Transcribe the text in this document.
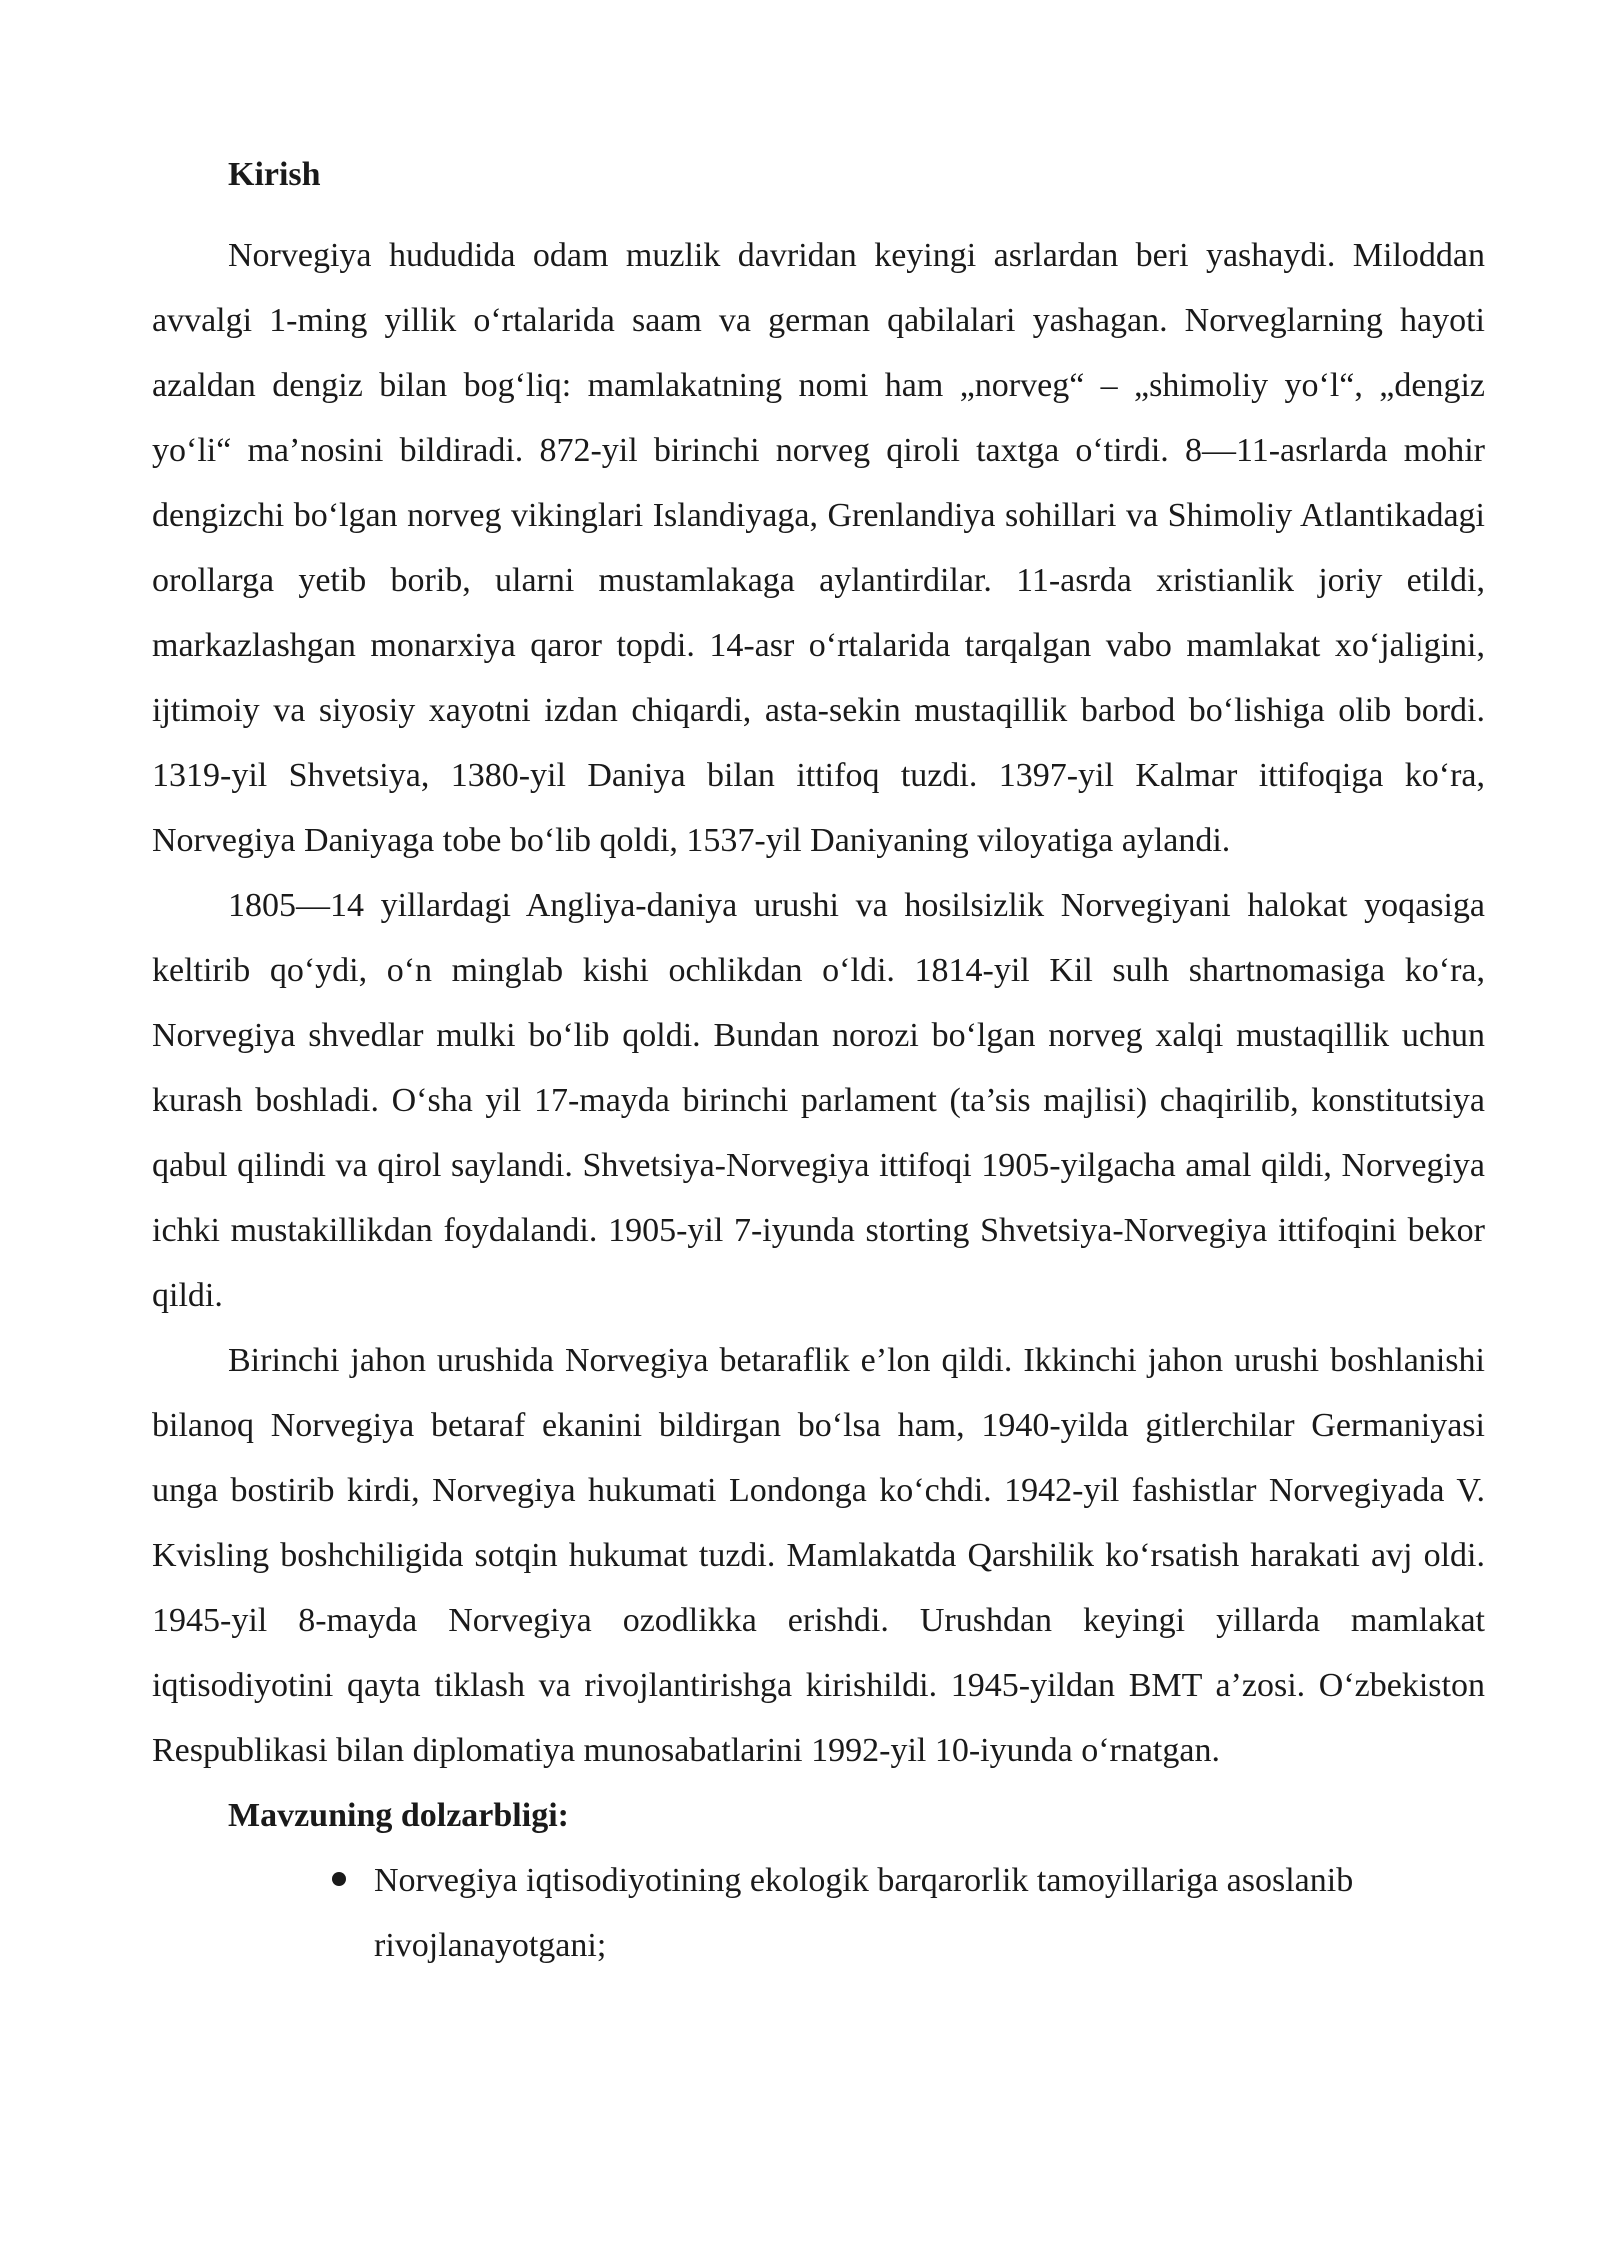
Kirish

Norvegiya hududida odam muzlik davridan keyingi asrlardan beri yashaydi. Miloddan avvalgi 1-ming yillik o‘rtalarida saam va german qabilalari yashagan. Norveglarning hayoti azaldan dengiz bilan bog‘liq: mamlakatning nomi ham „norveg“ – „shimoliy yo‘l“, „dengiz yo‘li“ ma’nosini bildiradi. 872-yil birinchi norveg qiroli taxtga o‘tirdi. 8—11-asrlarda mohir dengizchi bo‘lgan norveg vikinglari Islandiyaga, Grenlandiya sohillari va Shimoliy Atlantikadagi orollarga yetib borib, ularni mustamlakaga aylantirdilar. 11-asrda xristianlik joriy etildi, markazlashgan monarxiya qaror topdi. 14-asr o‘rtalarida tarqalgan vabo mamlakat xo‘jaligini, ijtimoiy va siyosiy xayotni izdan chiqardi, asta-sekin mustaqillik barbod bo‘lishiga olib bordi. 1319-yil Shvetsiya, 1380-yil Daniya bilan ittifoq tuzdi. 1397-yil Kalmar ittifoqiga ko‘ra, Norvegiya Daniyaga tobe bo‘lib qoldi, 1537-yil Daniyaning viloyatiga aylandi.

1805—14 yillardagi Angliya-daniya urushi va hosilsizlik Norvegiyani halokat yoqasiga keltirib qo‘ydi, o‘n minglab kishi ochlikdan o‘ldi. 1814-yil Kil sulh shartnomasiga ko‘ra, Norvegiya shvedlar mulki bo‘lib qoldi. Bundan norozi bo‘lgan norveg xalqi mustaqillik uchun kurash boshladi. O‘sha yil 17-mayda birinchi parlament (ta’sis majlisi) chaqirilib, konstitutsiya qabul qilindi va qirol saylandi. Shvetsiya-Norvegiya ittifoqi 1905-yilgacha amal qildi, Norvegiya ichki mustakillikdan foydalandi. 1905-yil 7-iyunda storting Shvetsiya-Norvegiya ittifoqini bekor qildi.

Birinchi jahon urushida Norvegiya betaraflik e’lon qildi. Ikkinchi jahon urushi boshlanishi bilanoq Norvegiya betaraf ekanini bildirgan bo‘lsa ham, 1940-yilda gitlerchilar Germaniyasi unga bostirib kirdi, Norvegiya hukumati Londonga ko‘chdi. 1942-yil fashistlar Norvegiyada V. Kvisling boshchiligida sotqin hukumat tuzdi. Mamlakatda Qarshilik ko‘rsatish harakati avj oldi. 1945-yil 8-mayda Norvegiya ozodlikka erishdi. Urushdan keyingi yillarda mamlakat iqtisodiyotini qayta tiklash va rivojlantirishga kirishildi. 1945-yildan BMT a’zosi. O‘zbekiston Respublikasi bilan diplomatiya munosabatlarini 1992-yil 10-iyunda o‘rnatgan.

Mavzuning dolzarbligi:
Norvegiya iqtisodiyotining ekologik barqarorlik tamoyillariga asoslanib rivojlanayotgani;
